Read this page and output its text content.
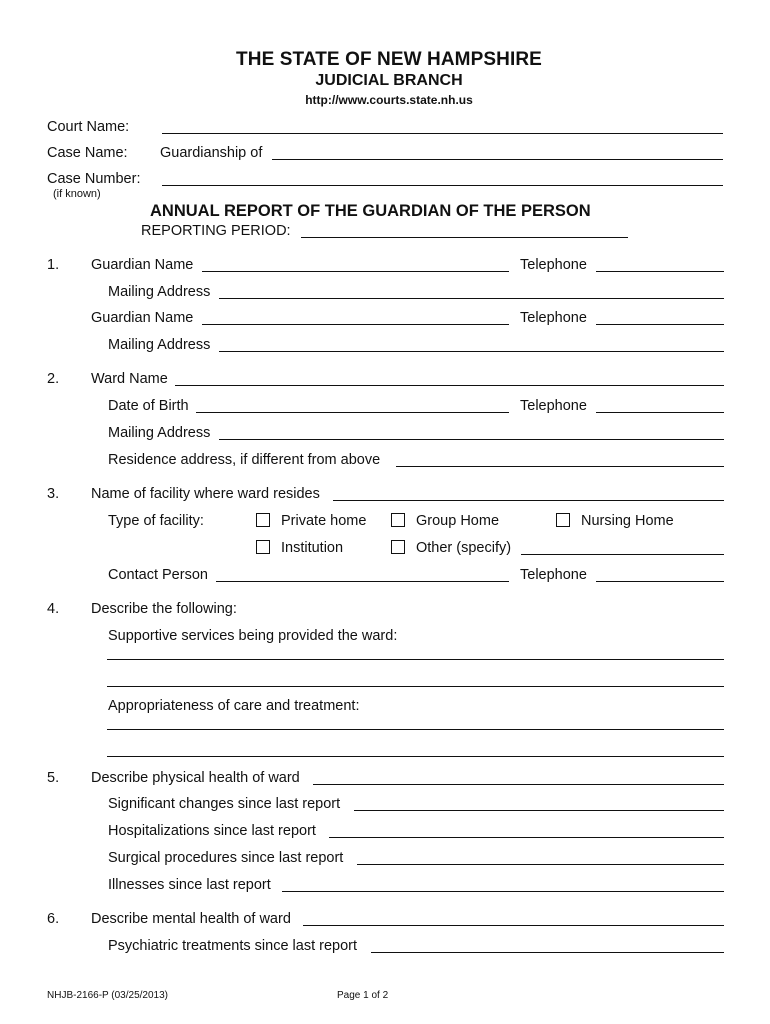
THE STATE OF NEW HAMPSHIRE
JUDICIAL BRANCH
http://www.courts.state.nh.us
Court Name:
Case Name: Guardianship of
Case Number:
(if known)
ANNUAL REPORT OF THE GUARDIAN OF THE PERSON
REPORTING PERIOD:
1. Guardian Name	Telephone
Mailing Address
Guardian Name	Telephone
Mailing Address
2. Ward Name
Date of Birth	Telephone
Mailing Address
Residence address, if different from above
3. Name of facility where ward resides
Type of facility:	Private home	Group Home	Nursing Home
Institution	Other (specify)
Contact Person	Telephone
4. Describe the following:
Supportive services being provided the ward:
Appropriateness of care and treatment:
5. Describe physical health of ward
Significant changes since last report
Hospitalizations since last report
Surgical procedures since last report
Illnesses since last report
6. Describe mental health of ward
Psychiatric treatments since last report
NHJB-2166-P (03/25/2013)	Page 1 of 2
